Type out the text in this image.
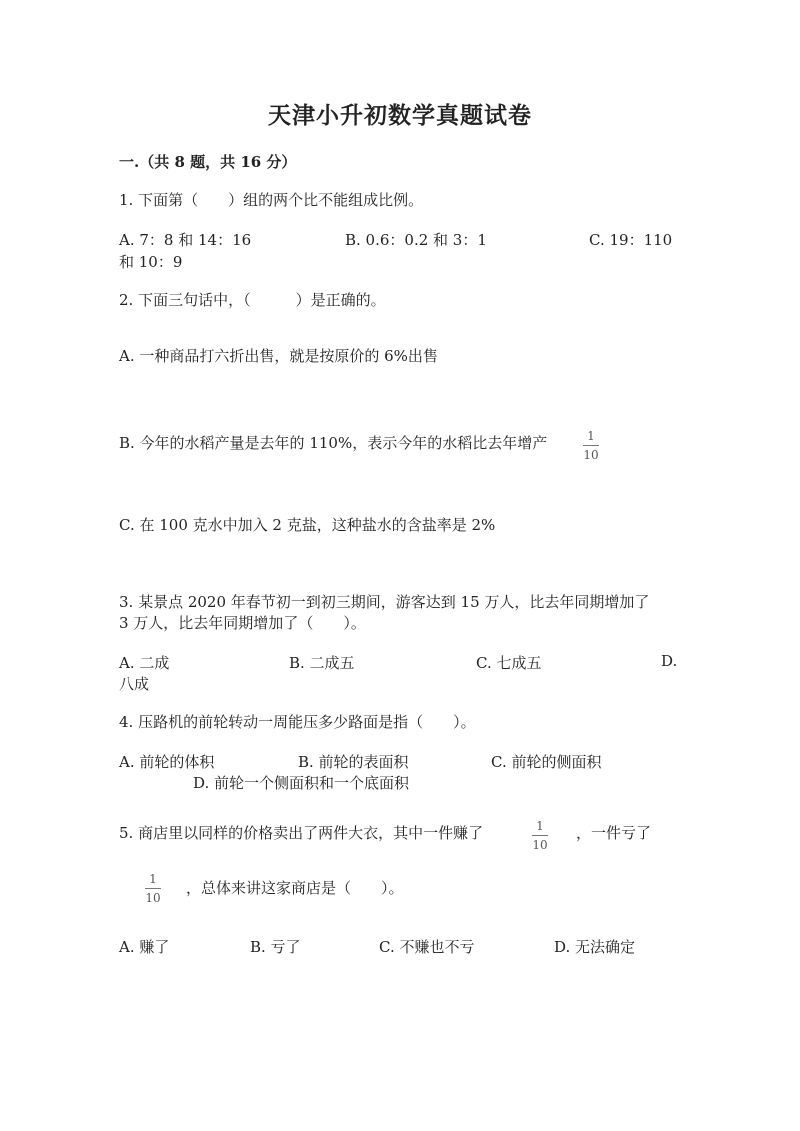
天津小升初数学真题试卷
一.（共 8 题，共 16 分）
1. 下面第（　　）组的两个比不能组成比例。
A. 7：8 和 14：16	B. 0.6：0.2 和 3：1	C. 19：110
和 10：9
2. 下面三句话中，（　　　）是正确的。
A. 一种商品打六折出售，就是按原价的 6%出售
B. 今年的水稻产量是去年的 110%，表示今年的水稻比去年增产	1
10
C. 在 100 克水中加入 2 克盐，这种盐水的含盐率是 2%
3. 某景点 2020 年春节初一到初三期间，游客达到 15 万人，比去年同期增加了
3 万人，比去年同期增加了（　　）。
A. 二成	B. 二成五	C. 七成五	D.
八成
4. 压路机的前轮转动一周能压多少路面是指（　　）。
A. 前轮的体积	B. 前轮的表面积	C. 前轮的侧面积
D. 前轮一个侧面积和一个底面积
5. 商店里以同样的价格卖出了两件大衣，其中一件赚了	1
10
，一件亏了
1
10
，总体来讲这家商店是（　　）。
A. 赚了	B. 亏了	C. 不赚也不亏	D. 无法确定
